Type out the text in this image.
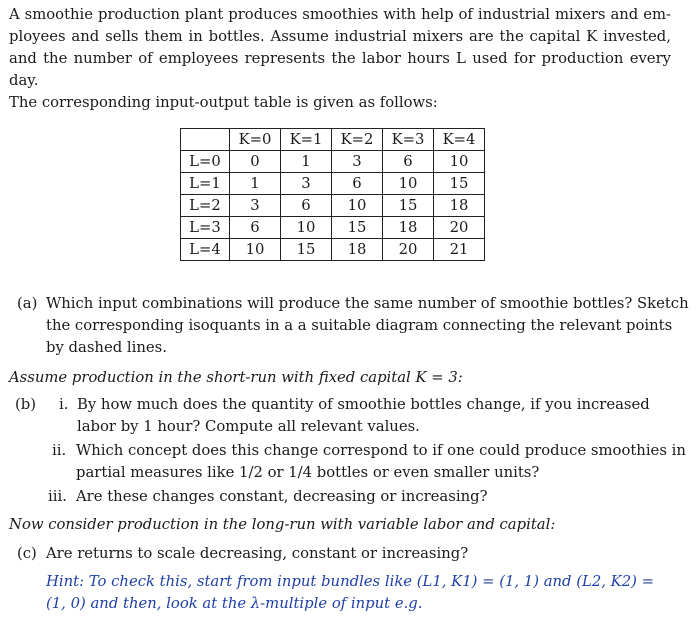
A smoothie production plant produces smoothies with help of industrial mixers and em-
ployees and sells them in bottles. Assume industrial mixers are the capital K invested,
and the number of employees represents the labor hours L used for production every day.
The corresponding input-output table is given as follows:
	K=0	K=1	K=2	K=3	K=4
L=0	0	1	3	6	10
L=1	1	3	6	10	15
L=2	3	6	10	15	18
L=3	6	10	15	18	20
L=4	10	15	18	20	21
(a) Which input combinations will produce the same number of smoothie bottles? Sketch
the corresponding isoquants in a a suitable diagram connecting the relevant points
by dashed lines.
Assume production in the short-run with fixed capital K = 3:
(b) i. By how much does the quantity of smoothie bottles change, if you increased
labor by 1 hour? Compute all relevant values.
ii. Which concept does this change correspond to if one could produce smoothies in
partial measures like 1/2 or 1/4 bottles or even smaller units?
iii. Are these changes constant, decreasing or increasing?
Now consider production in the long-run with variable labor and capital:
(c) Are returns to scale decreasing, constant or increasing?
Hint: To check this, start from input bundles like (L1, K1) = (1, 1) and (L2, K2) =
(1, 0) and then, look at the λ-multiple of input e.g.
